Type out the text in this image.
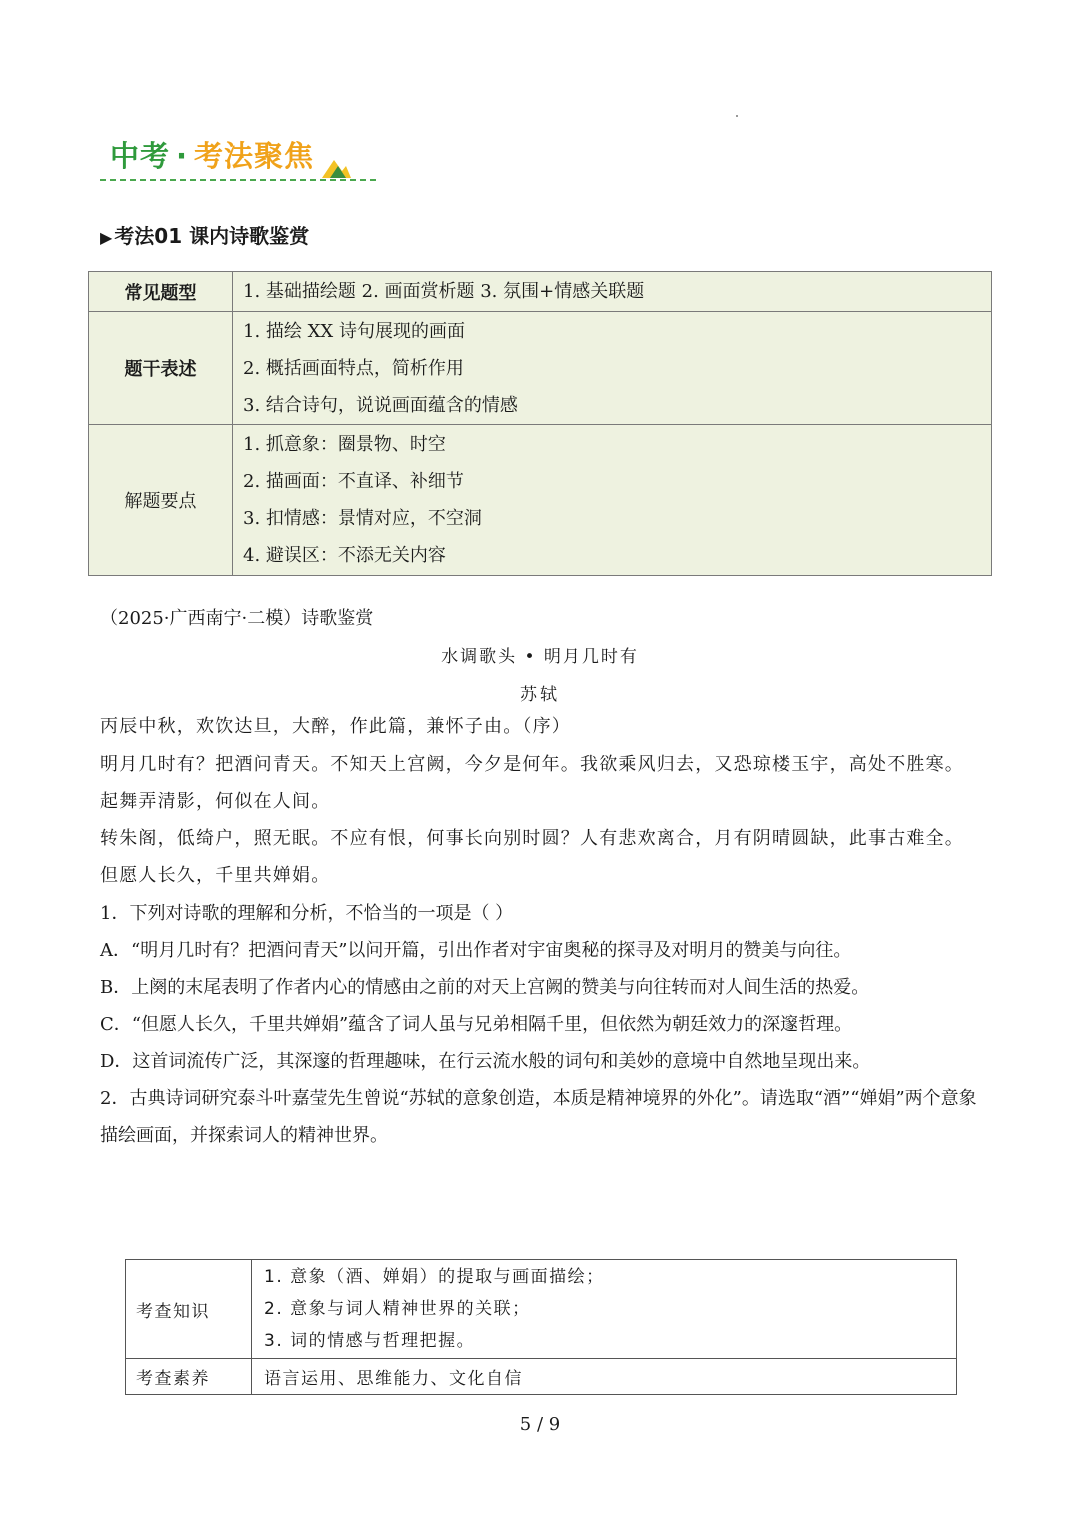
中考 · 考法聚焦
▶ 考法01 课内诗歌鉴赏
常见题型	1. 基础描绘题 2. 画面赏析题 3. 氛围+情感关联题

题干表述	1. 描绘 XX 诗句展现的画面
2. 概括画面特点，简析作用
3. 结合诗句，说说画面蕴含的情感

解题要点	1. 抓意象：圈景物、时空
2. 描画面：不直译、补细节
3. 扣情感：景情对应，不空洞
4. 避误区：不添无关内容
（2025·广西南宁·二模）诗歌鉴赏
水调歌头 • 明月几时有
苏轼
丙辰中秋，欢饮达旦，大醉，作此篇，兼怀子由。（序）
明月几时有？把酒问青天。不知天上宫阙，今夕是何年。我欲乘风归去，又恐琼楼玉宇，高处不胜寒。起舞弄清影，何似在人间。
转朱阁，低绮户，照无眠。不应有恨，何事长向别时圆？人有悲欢离合，月有阴晴圆缺，此事古难全。但愿人长久，千里共婵娟。
1．下列对诗歌的理解和分析，不恰当的一项是（ ）
A．“明月几时有？把酒问青天”以问开篇，引出作者对宇宙奥秘的探寻及对明月的赞美与向往。
B．上阕的末尾表明了作者内心的情感由之前的对天上宫阙的赞美与向往转而对人间生活的热爱。
C．“但愿人长久，千里共婵娟”蕴含了词人虽与兄弟相隔千里，但依然为朝廷效力的深邃哲理。
D．这首词流传广泛，其深邃的哲理趣味，在行云流水般的词句和美妙的意境中自然地呈现出来。
2．古典诗词研究泰斗叶嘉莹先生曾说“苏轼的意象创造，本质是精神境界的外化”。请选取“酒”“婵娟”两个意象描绘画面，并探索词人的精神世界。
考查知识	1. 意象（酒、婵娟）的提取与画面描绘；
2. 意象与词人精神世界的关联；
3. 词的情感与哲理把握。

考查素养	语言运用、思维能力、文化自信
5 / 9
